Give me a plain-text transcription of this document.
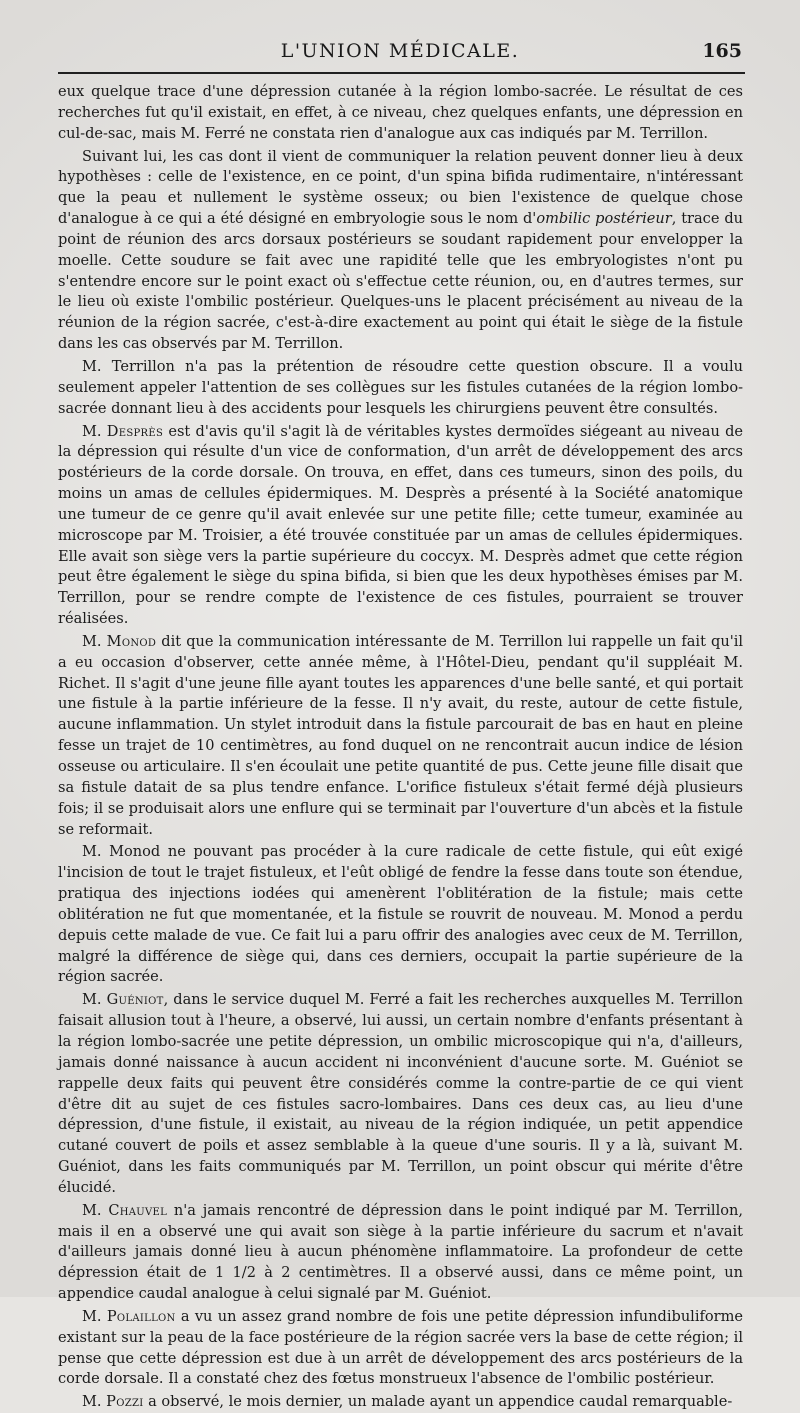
L'UNION MÉDICALE.	165

eux quelque trace d'une dépression cutanée à la région lombo-sacrée. Le résultat de ces recherches fut qu'il existait, en effet, à ce niveau, chez quelques enfants, une dépression en cul-de-sac, mais M. Ferré ne constata rien d'analogue aux cas indiqués par M. Terrillon.

Suivant lui, les cas dont il vient de communiquer la relation peuvent donner lieu à deux hypothèses : celle de l'existence, en ce point, d'un spina bifida rudimentaire, n'intéressant que la peau et nullement le système osseux; ou bien l'existence de quelque chose d'analogue à ce qui a été désigné en embryologie sous le nom d'ombilic postérieur, trace du point de réunion des arcs dorsaux postérieurs se soudant rapidement pour envelopper la moelle. Cette soudure se fait avec une rapidité telle que les embryologistes n'ont pu s'entendre encore sur le point exact où s'effectue cette réunion, ou, en d'autres termes, sur le lieu où existe l'ombilic postérieur. Quelques-uns le placent précisément au niveau de la réunion de la région sacrée, c'est-à-dire exactement au point qui était le siège de la fistule dans les cas observés par M. Terrillon.

M. Terrillon n'a pas la prétention de résoudre cette question obscure. Il a voulu seulement appeler l'attention de ses collègues sur les fistules cutanées de la région lombo-sacrée donnant lieu à des accidents pour lesquels les chirurgiens peuvent être consultés.

M. Desprès est d'avis qu'il s'agit là de véritables kystes dermoïdes siégeant au niveau de la dépression qui résulte d'un vice de conformation, d'un arrêt de développement des arcs postérieurs de la corde dorsale. On trouva, en effet, dans ces tumeurs, sinon des poils, du moins un amas de cellules épidermiques. M. Desprès a présenté à la Société anatomique une tumeur de ce genre qu'il avait enlevée sur une petite fille; cette tumeur, examinée au microscope par M. Troisier, a été trouvée constituée par un amas de cellules épidermiques. Elle avait son siège vers la partie supérieure du coccyx. M. Desprès admet que cette région peut être également le siège du spina bifida, si bien que les deux hypothèses émises par M. Terrillon, pour se rendre compte de l'existence de ces fistules, pourraient se trouver réalisées.

M. Monod dit que la communication intéressante de M. Terrillon lui rappelle un fait qu'il a eu occasion d'observer, cette année même, à l'Hôtel-Dieu, pendant qu'il suppléait M. Richet. Il s'agit d'une jeune fille ayant toutes les apparences d'une belle santé, et qui portait une fistule à la partie inférieure de la fesse. Il n'y avait, du reste, autour de cette fistule, aucune inflammation. Un stylet introduit dans la fistule parcourait de bas en haut en pleine fesse un trajet de 10 centimètres, au fond duquel on ne rencontrait aucun indice de lésion osseuse ou articulaire. Il s'en écoulait une petite quantité de pus. Cette jeune fille disait que sa fistule datait de sa plus tendre enfance. L'orifice fistuleux s'était fermé déjà plusieurs fois; il se produisait alors une enflure qui se terminait par l'ouverture d'un abcès et la fistule se reformait.

M. Monod ne pouvant pas procéder à la cure radicale de cette fistule, qui eût exigé l'incision de tout le trajet fistuleux, et l'eût obligé de fendre la fesse dans toute son étendue, pratiqua des injections iodées qui amenèrent l'oblitération de la fistule; mais cette oblitération ne fut que momentanée, et la fistule se rouvrit de nouveau. M. Monod a perdu depuis cette malade de vue. Ce fait lui a paru offrir des analogies avec ceux de M. Terrillon, malgré la différence de siège qui, dans ces derniers, occupait la partie supérieure de la région sacrée.

M. Guéniot, dans le service duquel M. Ferré a fait les recherches auxquelles M. Terrillon faisait allusion tout à l'heure, a observé, lui aussi, un certain nombre d'enfants présentant à la région lombo-sacrée une petite dépression, un ombilic microscopique qui n'a, d'ailleurs, jamais donné naissance à aucun accident ni inconvénient d'aucune sorte. M. Guéniot se rappelle deux faits qui peuvent être considérés comme la contre-partie de ce qui vient d'être dit au sujet de ces fistules sacro-lombaires. Dans ces deux cas, au lieu d'une dépression, d'une fistule, il existait, au niveau de la région indiquée, un petit appendice cutané couvert de poils et assez semblable à la queue d'une souris. Il y a là, suivant M. Guéniot, dans les faits communiqués par M. Terrillon, un point obscur qui mérite d'être élucidé.

M. Chauvel n'a jamais rencontré de dépression dans le point indiqué par M. Terrillon, mais il en a observé une qui avait son siège à la partie inférieure du sacrum et n'avait d'ailleurs jamais donné lieu à aucun phénomène inflammatoire. La profondeur de cette dépression était de 1 1/2 à 2 centimètres. Il a observé aussi, dans ce même point, un appendice caudal analogue à celui signalé par M. Guéniot.

M. Polaillon a vu un assez grand nombre de fois une petite dépression infundibuliforme existant sur la peau de la face postérieure de la région sacrée vers la base de cette région; il pense que cette dépression est due à un arrêt de développement des arcs postérieurs de la corde dorsale. Il a constaté chez des fœtus monstrueux l'absence de l'ombilic postérieur.

M. Pozzi a observé, le mois dernier, un malade ayant un appendice caudal remarquable-
